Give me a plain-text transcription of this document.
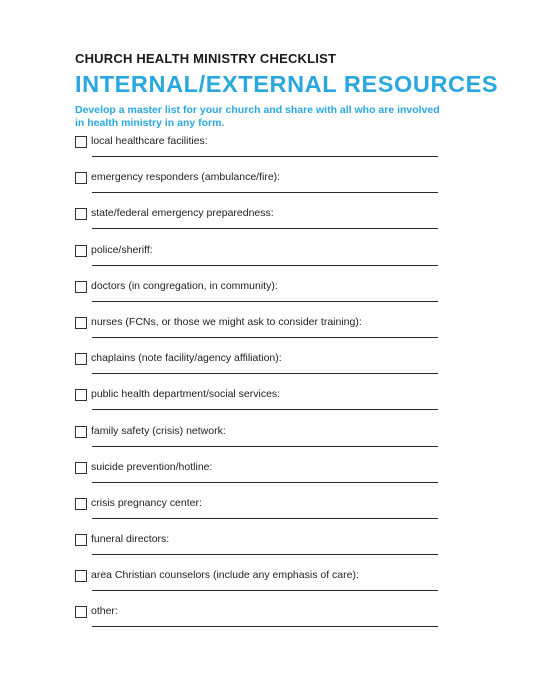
CHURCH HEALTH MINISTRY CHECKLIST
INTERNAL/EXTERNAL RESOURCES

Develop a master list for your church and share with all who are involved in health ministry in any form.

local healthcare facilities:
emergency responders (ambulance/fire):
state/federal emergency preparedness:
police/sheriff:
doctors (in congregation, in community):
nurses (FCNs, or those we might ask to consider training):
chaplains (note facility/agency affiliation):
public health department/social services:
family safety (crisis) network:
suicide prevention/hotline:
crisis pregnancy center:
funeral directors:
area Christian counselors (include any emphasis of care):
other:
